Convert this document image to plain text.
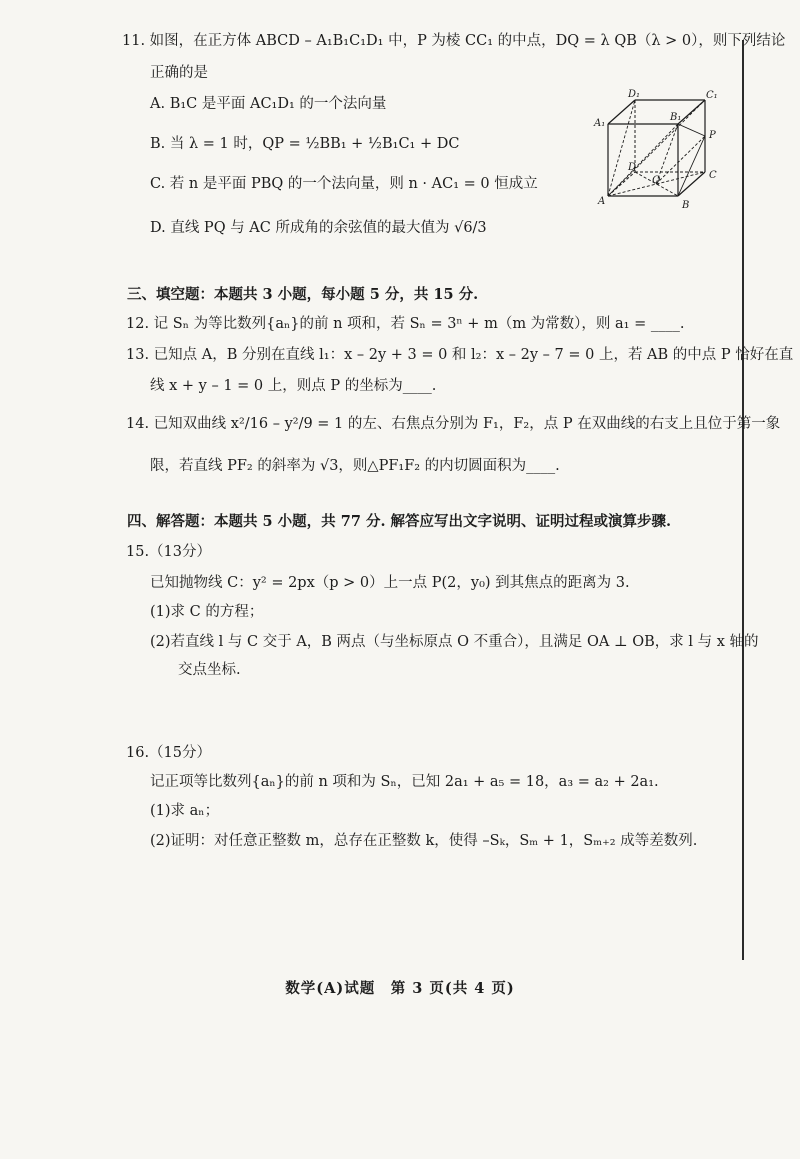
11. 如图，在正方体 ABCD – A₁B₁C₁D₁ 中，P 为棱 CC₁ 的中点，DQ = λ QB（λ > 0），则下列结论
正确的是
A. B₁C 是平面 AC₁D₁ 的一个法向量
B. 当 λ = 1 时，QP = ½BB₁ + ½B₁C₁ + DC
C. 若 n 是平面 PBQ 的一个法向量，则 n · AC₁ = 0 恒成立
D. 直线 PQ 与 AC 所成角的余弦值的最大值为 √6/3
D₁	C₁
A₁
B₁
P
D
Q	C
A	B
三、填空题：本题共 3 小题，每小题 5 分，共 15 分.
12. 记 Sₙ 为等比数列{aₙ}的前 n 项和，若 Sₙ = 3ⁿ + m（m 为常数），则 a₁ = ____.
13. 已知点 A，B 分别在直线 l₁：x – 2y + 3 = 0 和 l₂：x – 2y – 7 = 0 上，若 AB 的中点 P 恰好在直
线 x + y – 1 = 0 上，则点 P 的坐标为____.
14. 已知双曲线 x²/16 – y²/9 = 1 的左、右焦点分别为 F₁，F₂，点 P 在双曲线的右支上且位于第一象
限，若直线 PF₂ 的斜率为 √3，则△PF₁F₂ 的内切圆面积为____.
四、解答题：本题共 5 小题，共 77 分. 解答应写出文字说明、证明过程或演算步骤.
15.（13分）
已知抛物线 C：y² = 2px（p > 0）上一点 P(2，y₀) 到其焦点的距离为 3.
(1)求 C 的方程；
(2)若直线 l 与 C 交于 A，B 两点（与坐标原点 O 不重合），且满足 OA ⊥ OB，求 l 与 x 轴的
交点坐标.
16.（15分）
记正项等比数列{aₙ}的前 n 项和为 Sₙ，已知 2a₁ + a₅ = 18，a₃ = a₂ + 2a₁.
(1)求 aₙ；
(2)证明：对任意正整数 m，总存在正整数 k，使得 –Sₖ，Sₘ + 1，Sₘ₊₂ 成等差数列.
数学(A)试题　第 3 页(共 4 页)
